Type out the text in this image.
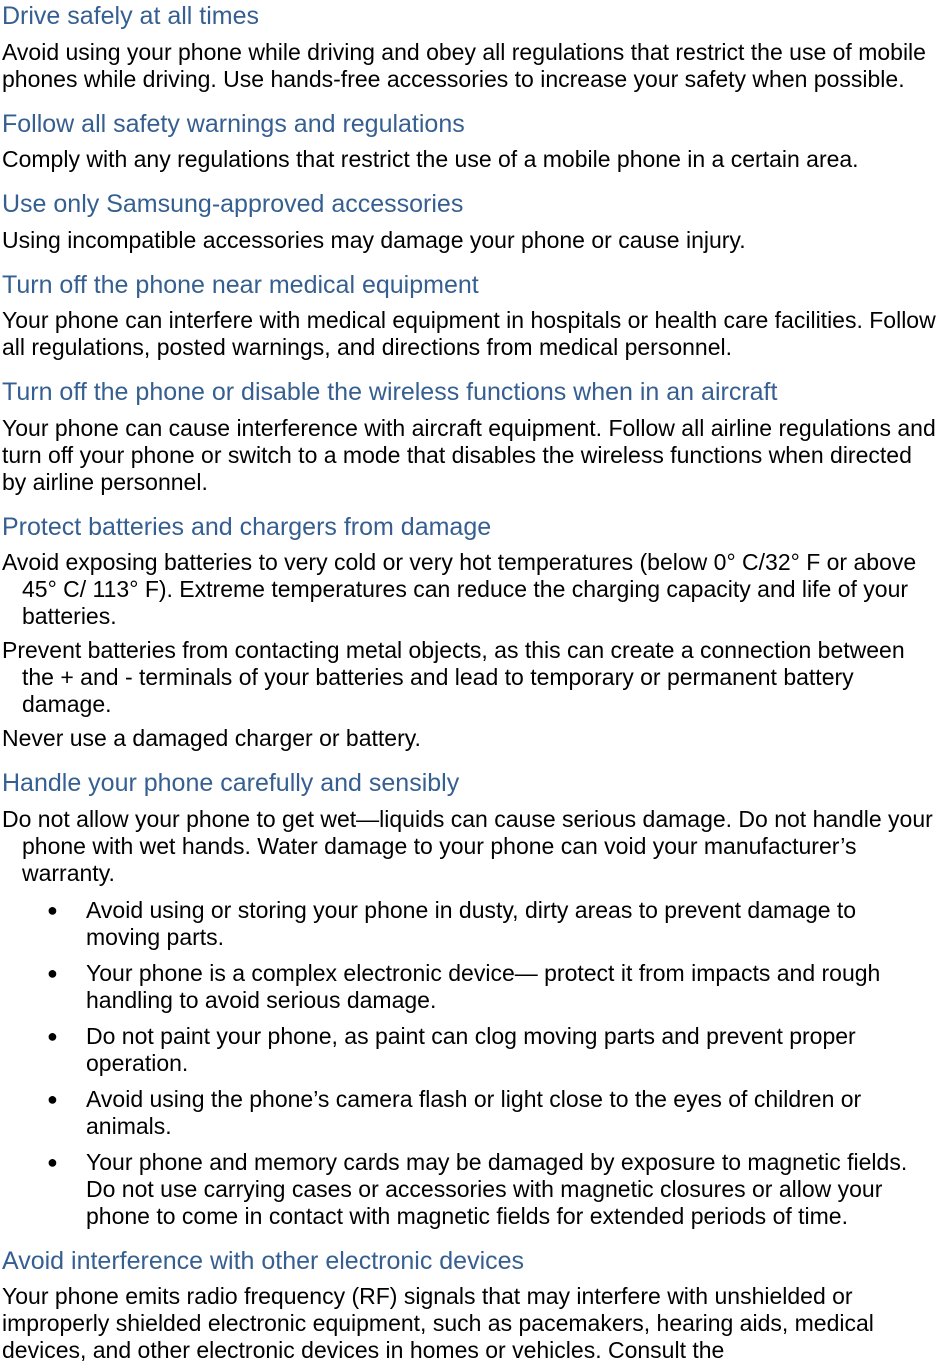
Drive safely at all times

Avoid using your phone while driving and obey all regulations that restrict the use of mobile phones while driving. Use hands-free accessories to increase your safety when possible.

Follow all safety warnings and regulations

Comply with any regulations that restrict the use of a mobile phone in a certain area.

Use only Samsung-approved accessories

Using incompatible accessories may damage your phone or cause injury.

Turn off the phone near medical equipment

Your phone can interfere with medical equipment in hospitals or health care facilities. Follow all regulations, posted warnings, and directions from medical personnel.

Turn off the phone or disable the wireless functions when in an aircraft

Your phone can cause interference with aircraft equipment. Follow all airline regulations and turn off your phone or switch to a mode that disables the wireless functions when directed by airline personnel.

Protect batteries and chargers from damage

Avoid exposing batteries to very cold or very hot temperatures (below 0° C/32° F or above 45° C/ 113° F). Extreme temperatures can reduce the charging capacity and life of your batteries.

Prevent batteries from contacting metal objects, as this can create a connection between the + and - terminals of your batteries and lead to temporary or permanent battery damage.

Never use a damaged charger or battery.

Handle your phone carefully and sensibly

Do not allow your phone to get wet—liquids can cause serious damage. Do not handle your phone with wet hands. Water damage to your phone can void your manufacturer’s warranty.

● Avoid using or storing your phone in dusty, dirty areas to prevent damage to moving parts.
● Your phone is a complex electronic device— protect it from impacts and rough handling to avoid serious damage.
● Do not paint your phone, as paint can clog moving parts and prevent proper operation.
● Avoid using the phone’s camera flash or light close to the eyes of children or animals.
● Your phone and memory cards may be damaged by exposure to magnetic fields. Do not use carrying cases or accessories with magnetic closures or allow your phone to come in contact with magnetic fields for extended periods of time.
Avoid interference with other electronic devices

Your phone emits radio frequency (RF) signals that may interfere with unshielded or improperly shielded electronic equipment, such as pacemakers, hearing aids, medical devices, and other electronic devices in homes or vehicles. Consult the
